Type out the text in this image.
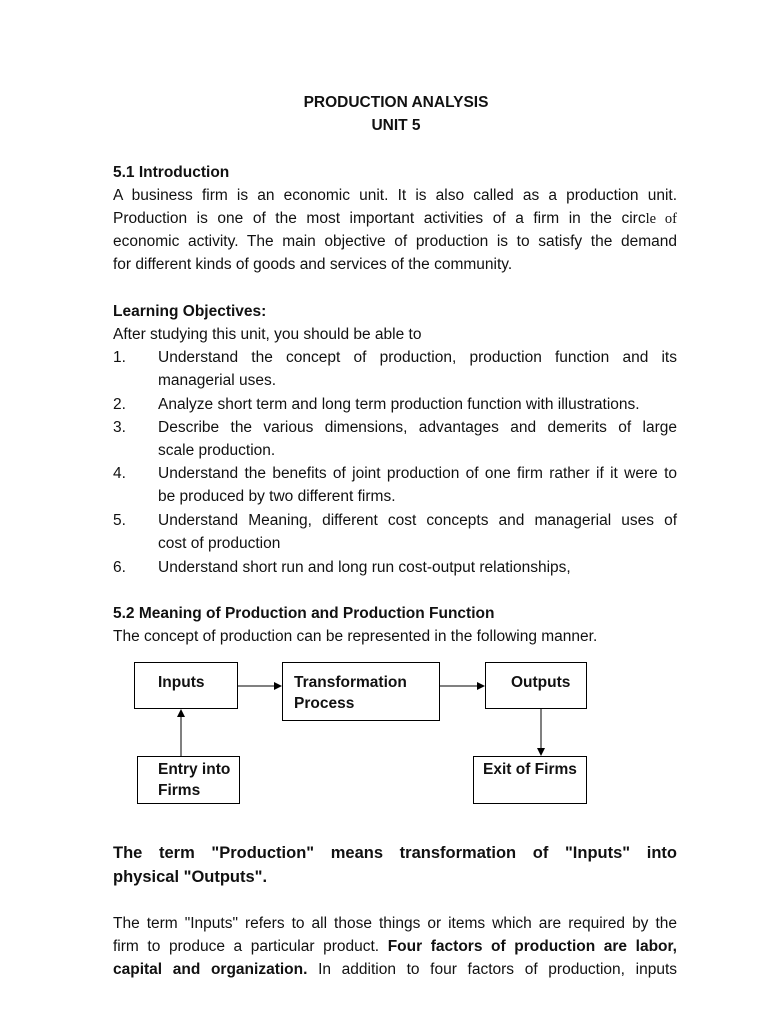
PRODUCTION ANALYSIS
UNIT 5
5.1 Introduction
A business firm is an economic unit. It is also called as a production unit.
Production is one of the most important activities of a firm in the circle of
economic activity. The main objective of production is to satisfy the demand
for different kinds of goods and services of the community.
Learning Objectives:
After studying this unit, you should be able to
1. Understand the concept of production, production function and its
managerial uses.
2. Analyze short term and long term production function with illustrations.
3. Describe the various dimensions, advantages and demerits of large
scale production.
4. Understand the benefits of joint production of one firm rather if it were to
be produced by two different firms.
5. Understand Meaning, different cost concepts and managerial uses of
cost of production
6. Understand short run and long run cost-output relationships,
5.2 Meaning of Production and Production Function
The concept of production can be represented in the following manner.
Inputs	Transformation
Process
Outputs
Entry into
Firms
Exit of Firms
The term "Production" means transformation of "Inputs" into
physical "Outputs".
The term "Inputs" refers to all those things or items which are required by the
firm to produce a particular product. Four factors of production are labor,
capital and organization. In addition to four factors of production, inputs
